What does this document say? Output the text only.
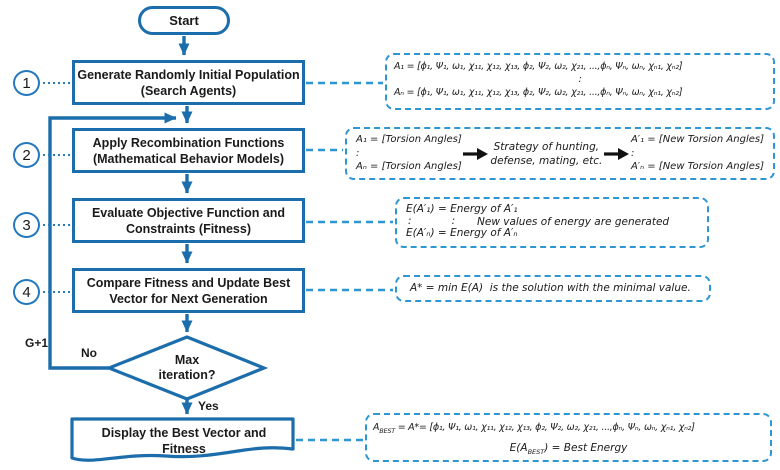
Start
1
2
3
4
Generate Randomly Initial Population
(Search Agents)
Apply Recombination Functions
(Mathematical Behavior Models)
Evaluate Objective Function and
Constraints (Fitness)
Compare Fitness and Update Best
Vector for Next Generation
Max
iteration?
No
Yes
G+1
Display the Best Vector and
Fitness
A₁ = [ϕ₁, Ψ₁, ω₁, χ₁₁, χ₁₂, χ₁₃, ϕ₂, Ψ₂, ω₂, χ₂₁, ...,ϕₙ, Ψₙ, ωₙ, χₙ₁, χₙ₂]
:
Aₙ = [ϕ₁, Ψ₁, ω₁, χ₁₁, χ₁₂, χ₁₃, ϕ₂, Ψ₂, ω₂, χ₂₁, ...,ϕₙ, Ψₙ, ωₙ, χₙ₁, χₙ₂]
A₁ = [Torsion Angles]
:
Aₙ = [Torsion Angles]
Strategy of hunting,
defense, mating, etc.
A′₁ = [New Torsion Angles]
:
A′ₙ = [New Torsion Angles]
E(A′₁) = Energy of A′₁
:            :
E(A′ₙ) = Energy of A′ₙ
New values of energy are generated
A* = min E(A)  is the solution with the minimal value.
$A_{BEST} = A*= [\phi_1$, Ψ₁, ω₁, χ₁₁, χ₁₂, χ₁₃, ϕ₂, Ψ₂, ω₂, χ₂₁, ...,ϕₙ, Ψₙ, ωₙ, χₙ₁, χₙ₂]
$E(A_{BEST})$ = Best Energy
